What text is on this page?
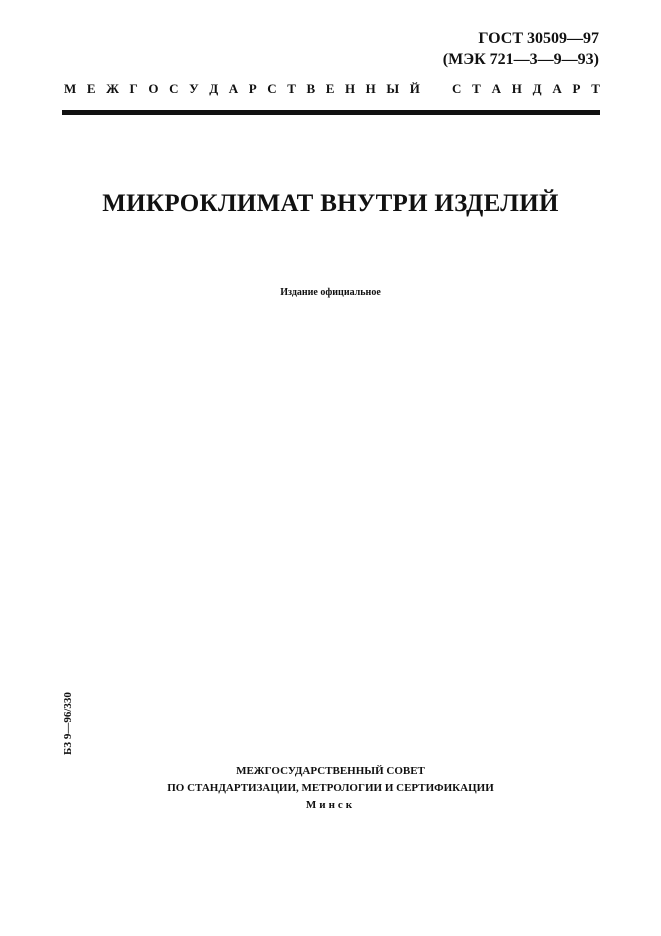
ГОСТ 30509—97
(МЭК 721—3—9—93)
М Е Ж Г О С У Д А Р С Т В Е Н Н Ы Й С Т А Н Д А Р Т
МИКРОКЛИМАТ ВНУТРИ ИЗДЕЛИЙ
Издание официальное
БЗ 9—96/330
МЕЖГОСУДАРСТВЕННЫЙ СОВЕТ
ПО СТАНДАРТИЗАЦИИ, МЕТРОЛОГИИ И СЕРТИФИКАЦИИ
Минск
